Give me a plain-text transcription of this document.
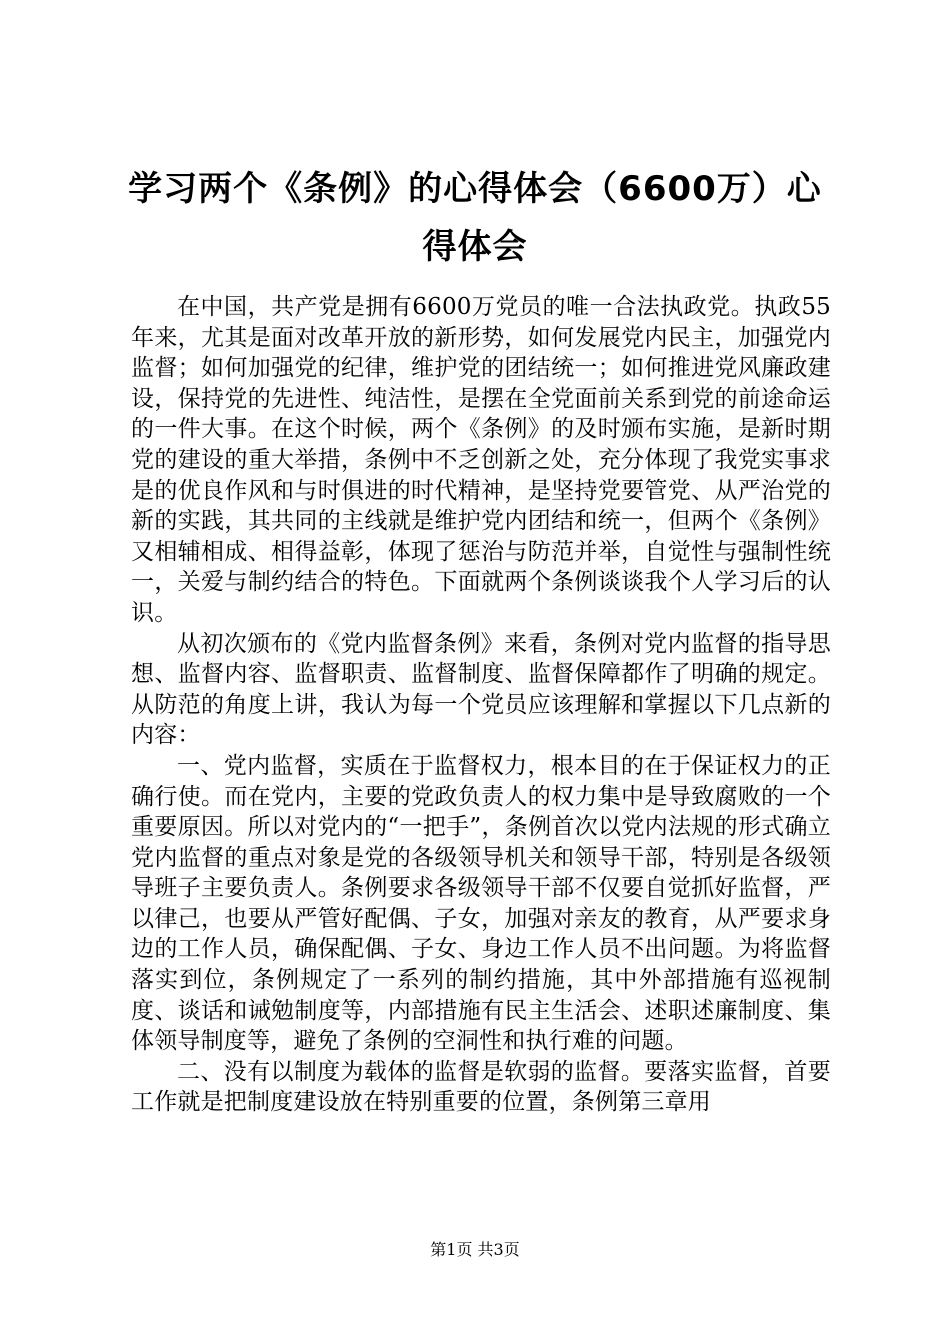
学习两个《条例》的心得体会（6600万）心得体会

在中国，共产党是拥有6600万党员的唯一合法执政党。执政55年来，尤其是面对改革开放的新形势，如何发展党内民主，加强党内监督；如何加强党的纪律，维护党的团结统一；如何推进党风廉政建设，保持党的先进性、纯洁性，是摆在全党面前关系到党的前途命运的一件大事。在这个时候，两个《条例》的及时颁布实施，是新时期党的建设的重大举措，条例中不乏创新之处，充分体现了我党实事求是的优良作风和与时俱进的时代精神，是坚持党要管党、从严治党的新的实践，其共同的主线就是维护党内团结和统一，但两个《条例》又相辅相成、相得益彰，体现了惩治与防范并举，自觉性与强制性统一，关爱与制约结合的特色。下面就两个条例谈谈我个人学习后的认识。

从初次颁布的《党内监督条例》来看，条例对党内监督的指导思想、监督内容、监督职责、监督制度、监督保障都作了明确的规定。从防范的角度上讲，我认为每一个党员应该理解和掌握以下几点新的内容：

一、党内监督，实质在于监督权力，根本目的在于保证权力的正确行使。而在党内，主要的党政负责人的权力集中是导致腐败的一个重要原因。所以对党内的“一把手”，条例首次以党内法规的形式确立党内监督的重点对象是党的各级领导机关和领导干部，特别是各级领导班子主要负责人。条例要求各级领导干部不仅要自觉抓好监督，严以律己，也要从严管好配偶、子女，加强对亲友的教育，从严要求身边的工作人员，确保配偶、子女、身边工作人员不出问题。为将监督落实到位，条例规定了一系列的制约措施，其中外部措施有巡视制度、谈话和诫勉制度等，内部措施有民主生活会、述职述廉制度、集体领导制度等，避免了条例的空洞性和执行难的问题。

二、没有以制度为载体的监督是软弱的监督。要落实监督，首要工作就是把制度建设放在特别重要的位置，条例第三章用

第1页 共3页
